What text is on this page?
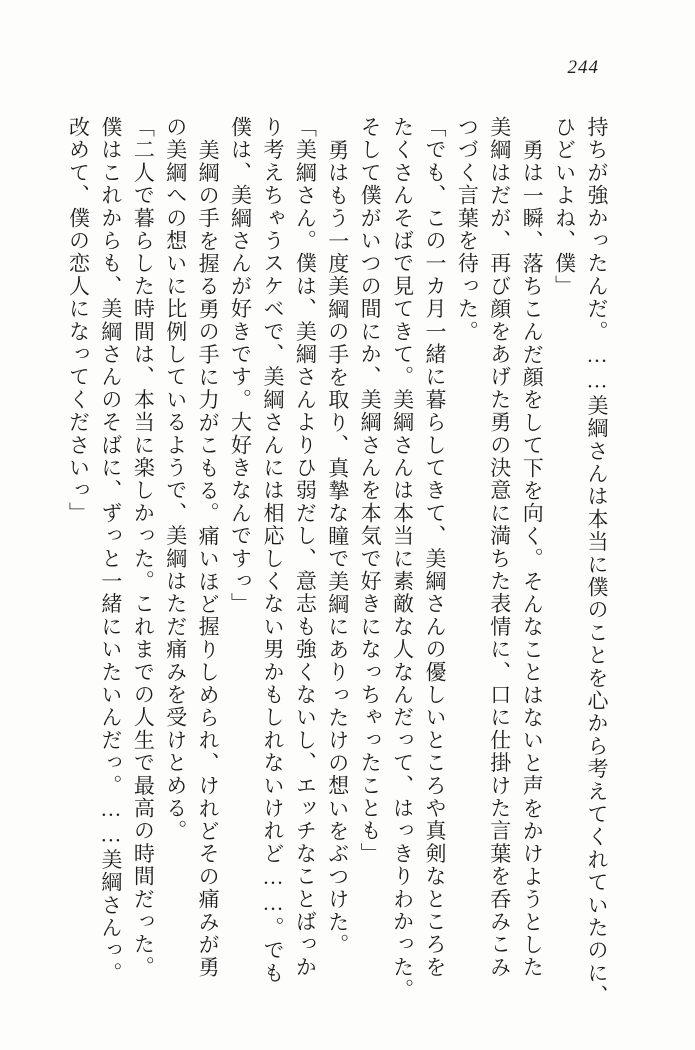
244
持ちが強かったんだ。……美綱さんは本当に僕のことを心から考えてくれていたのに、
ひどいよね、僕」
勇は一瞬、落ちこんだ顔をして下を向く。そんなことはないと声をかけようとした
美綱はだが、再び顔をあげた勇の決意に満ちた表情に、口に仕掛けた言葉を呑みこみ
つづく言葉を待った。
「でも、この一カ月一緒に暮らしてきて、美綱さんの優しいところや真剣なところを
たくさんそばで見てきて。美綱さんは本当に素敵な人なんだって、はっきりわかった。
そして僕がいつの間にか、美綱さんを本気で好きになっちゃったことも」
勇はもう一度美綱の手を取り、真摯な瞳で美綱にありったけの想いをぶつけた。
「美綱さん。僕は、美綱さんよりひ弱だし、意志も強くないし、エッチなことばっか
り考えちゃうスケベで、美綱さんには相応しくない男かもしれないけれど……。でも
僕は、美綱さんが好きです。大好きなんですっ」
美綱の手を握る勇の手に力がこもる。痛いほど握りしめられ、けれどその痛みが勇
の美綱への想いに比例しているようで、美綱はただ痛みを受けとめる。
「二人で暮らした時間は、本当に楽しかった。これまでの人生で最高の時間だった。
僕はこれからも、美綱さんのそばに、ずっと一緒にいたいんだっ。……美綱さんっ。
改めて、僕の恋人になってくださいっ」
